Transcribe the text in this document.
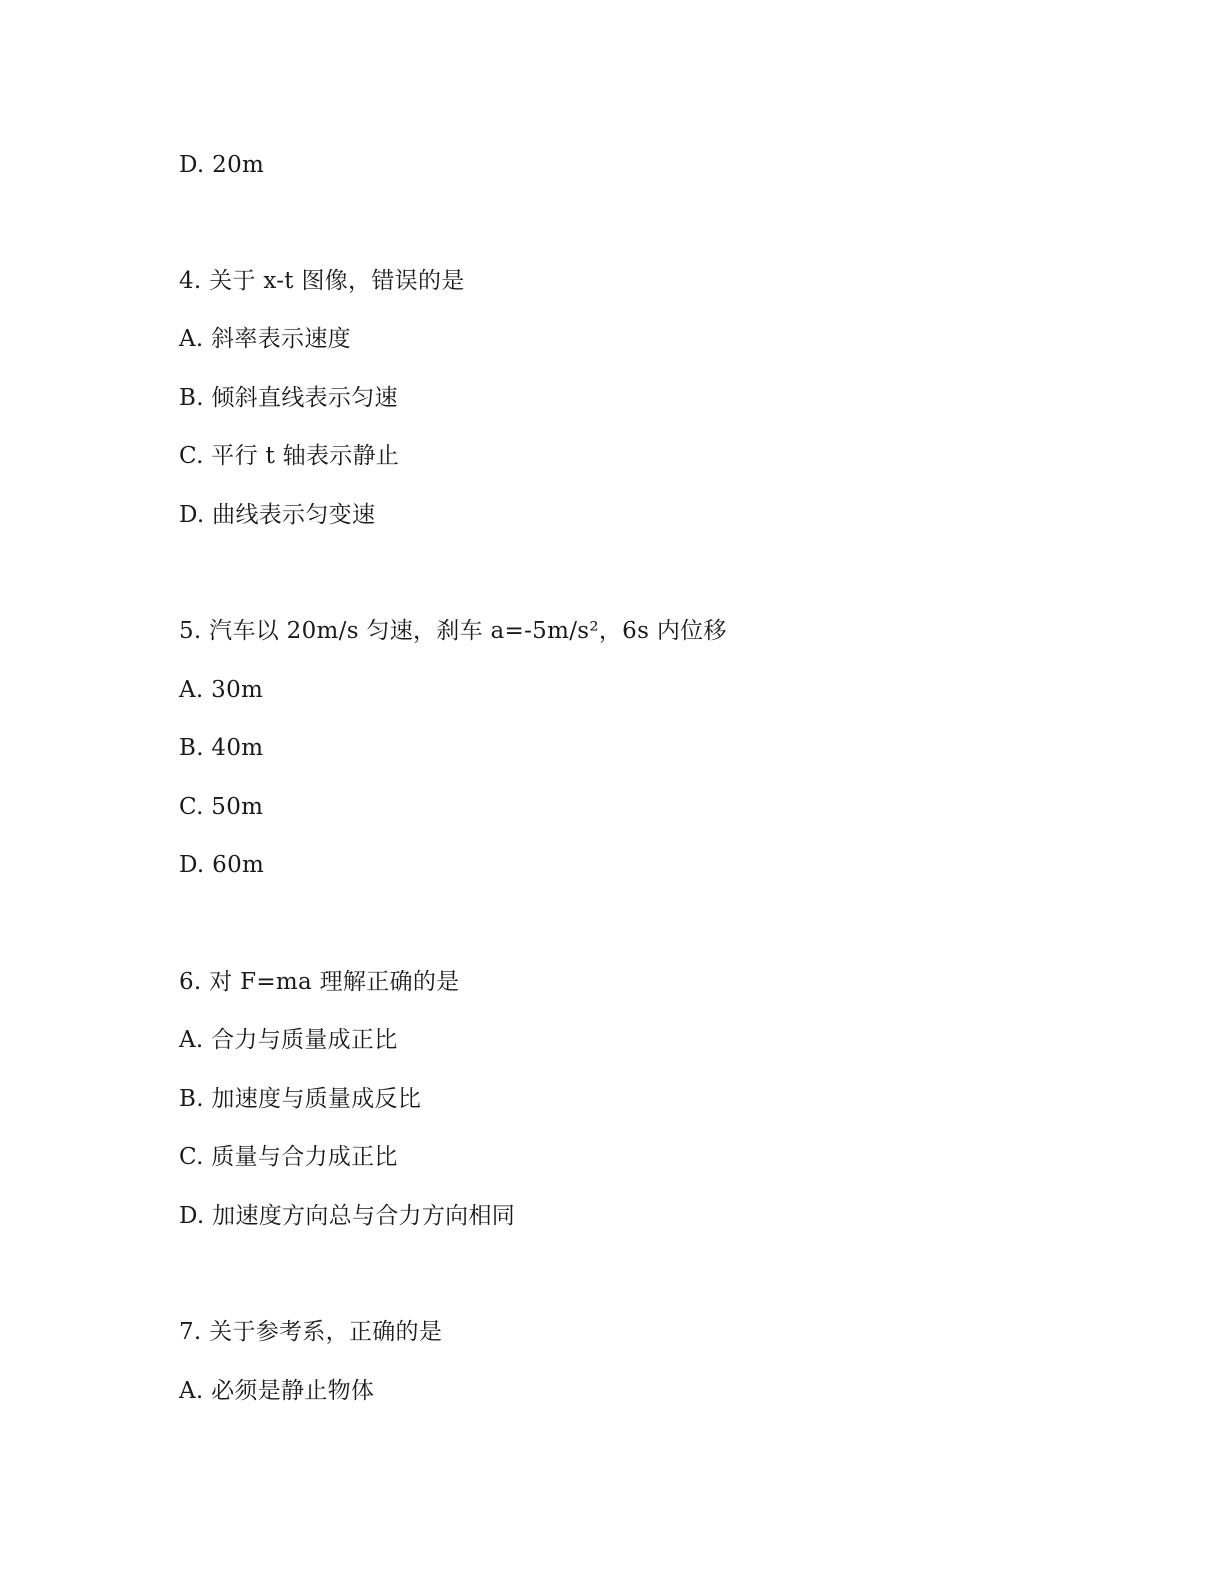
D. 20m
4. 关于 x-t 图像，错误的是
A. 斜率表示速度
B. 倾斜直线表示匀速
C. 平行 t 轴表示静止
D. 曲线表示匀变速
5. 汽车以 20m/s 匀速，刹车 a=-5m/s²，6s 内位移
A. 30m
B. 40m
C. 50m
D. 60m
6. 对 F=ma 理解正确的是
A. 合力与质量成正比
B. 加速度与质量成反比
C. 质量与合力成正比
D. 加速度方向总与合力方向相同
7. 关于参考系，正确的是
A. 必须是静止物体
